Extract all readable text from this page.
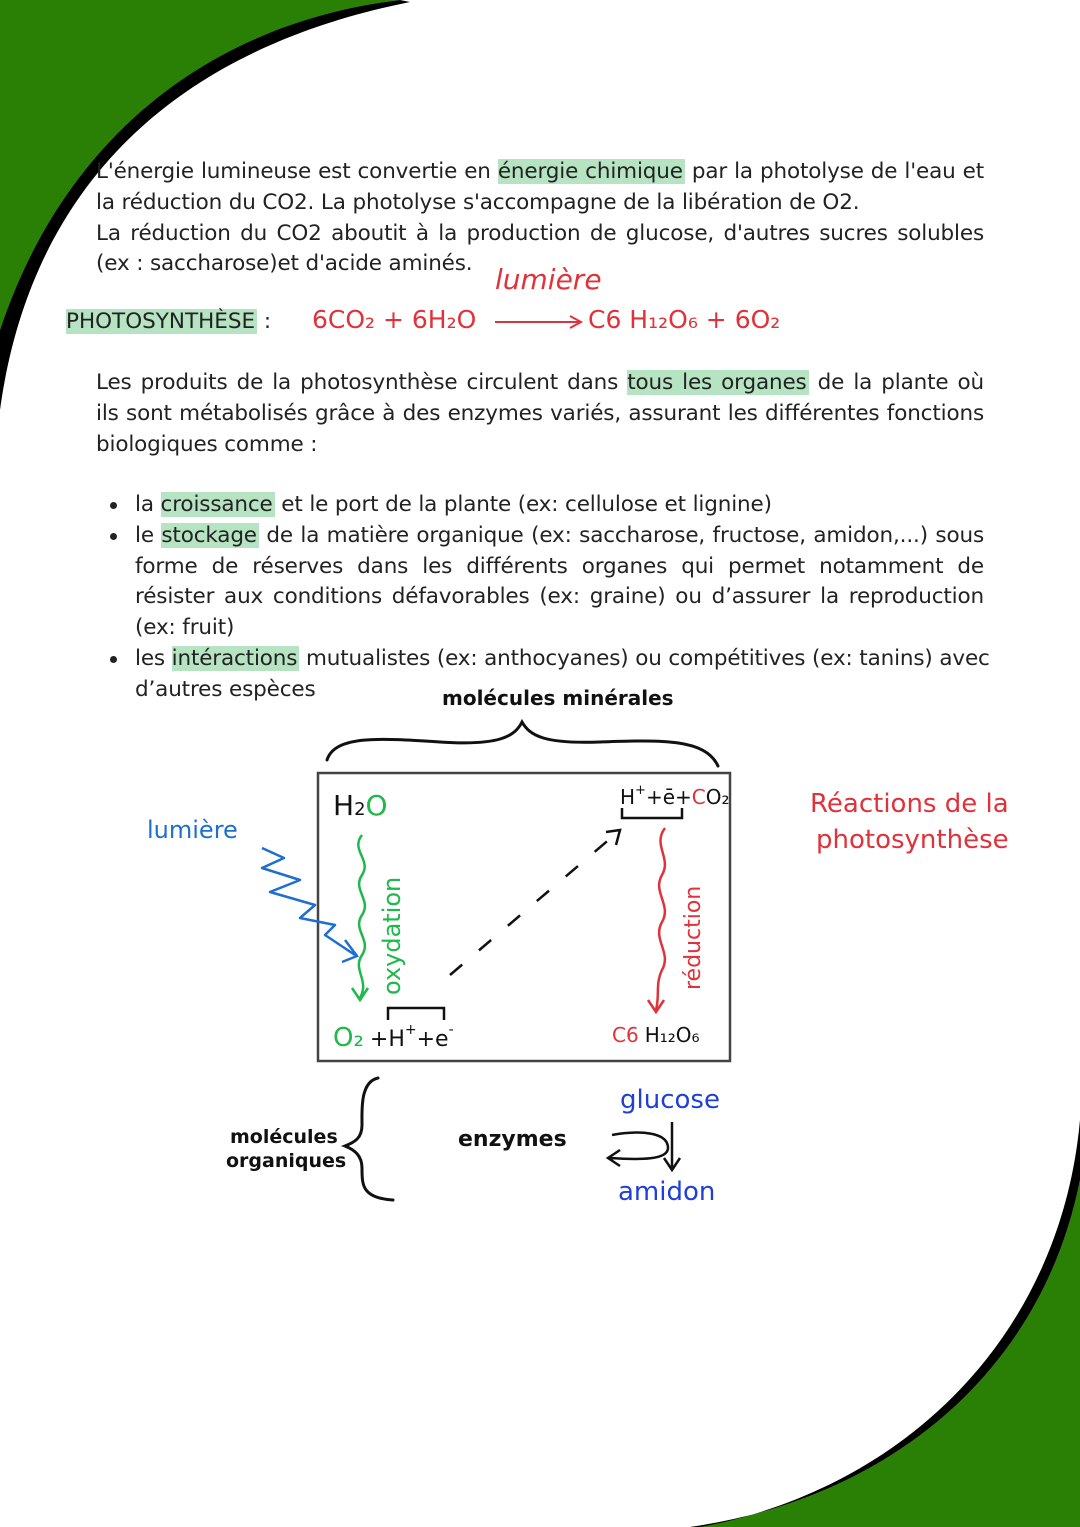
L'énergie lumineuse est convertie en énergie chimique par la photolyse de l'eau et
la réduction du CO2. La photolyse s'accompagne de la libération de O2.
La réduction du CO2 aboutit à la production de glucose, d'autres sucres solubles
(ex : saccharose)et d'acide aminés.
PHOTOSYNTHÈSE :
Les produits de la photosynthèse circulent dans tous les organes de la plante où
ils sont métabolisés grâce à des enzymes variés, assurant les différentes fonctions
biologiques comme :
la croissance et le port de la plante (ex: cellulose et lignine)
le stockage de la matière organique (ex: saccharose, fructose, amidon,...) sous
forme de réserves dans les différents organes qui permet notamment de
résister aux conditions défavorables (ex: graine) ou d’assurer la reproduction
(ex: fruit)
les intéractions mutualistes (ex: anthocyanes) ou compétitives (ex: tanins) avec
d’autres espèces
lumière
6CO₂ + 6H₂O	C6 H₁₂O₆ + 6O₂
molécules minérales
H2O
oxydation
lumière
$O_2 +H^+_{+e}^-$
H++ē+CO₂
réduction
C6 H₁₂O₆
Réactions de la
photosynthèse
molécules
organiques
enzymes
glucose
amidon
